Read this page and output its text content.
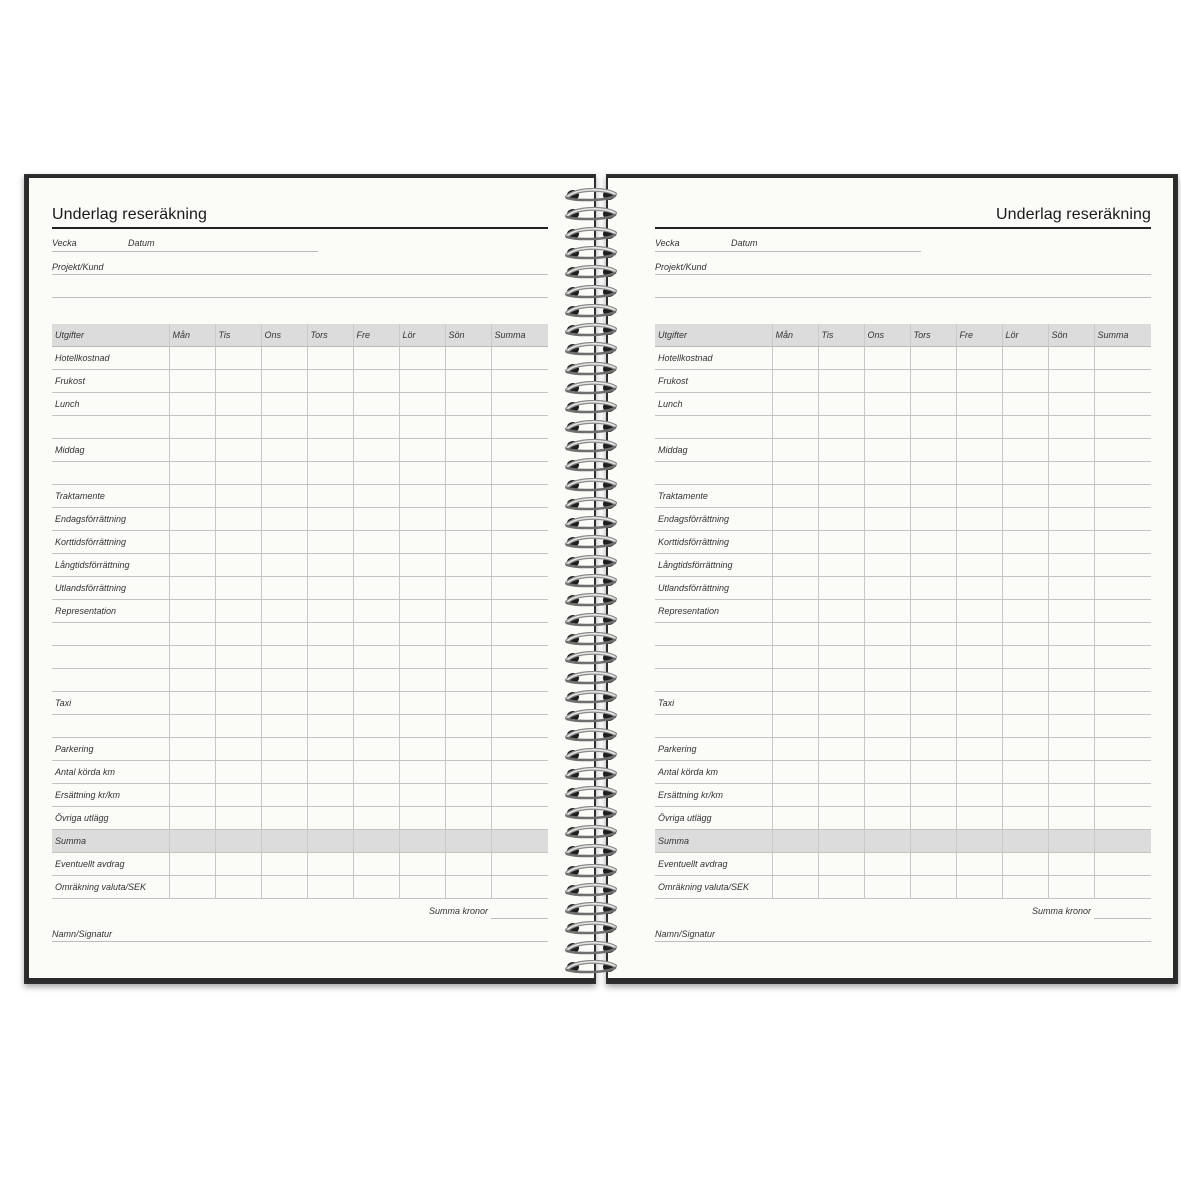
Underlag reseräkning
Vecka	Datum
Projekt/Kund
Utgifter	Mån	Tis	Ons	Tors	Fre	Lör	Sön	Summa
Hotellkostnad								
Frukost								
Lunch								

Middag								

Traktamente								
Endagsförrättning								
Korttidsförrättning								
Långtidsförrättning								
Utlandsförrättning								
Representation								

Taxi								

Parkering								
Antal körda km								
Ersättning kr/km								
Övriga utlägg								
Summa								
Eventuellt avdrag								
Omräkning valuta/SEK								
Summa kronor
Namn/Signatur
Underlag reseräkning
Vecka	Datum
Projekt/Kund
Utgifter	Mån	Tis	Ons	Tors	Fre	Lör	Sön	Summa
Hotellkostnad								
Frukost								
Lunch								

Middag								

Traktamente								
Endagsförrättning								
Korttidsförrättning								
Långtidsförrättning								
Utlandsförrättning								
Representation								

Taxi								

Parkering								
Antal körda km								
Ersättning kr/km								
Övriga utlägg								
Summa								
Eventuellt avdrag								
Omräkning valuta/SEK								
Summa kronor
Namn/Signatur
